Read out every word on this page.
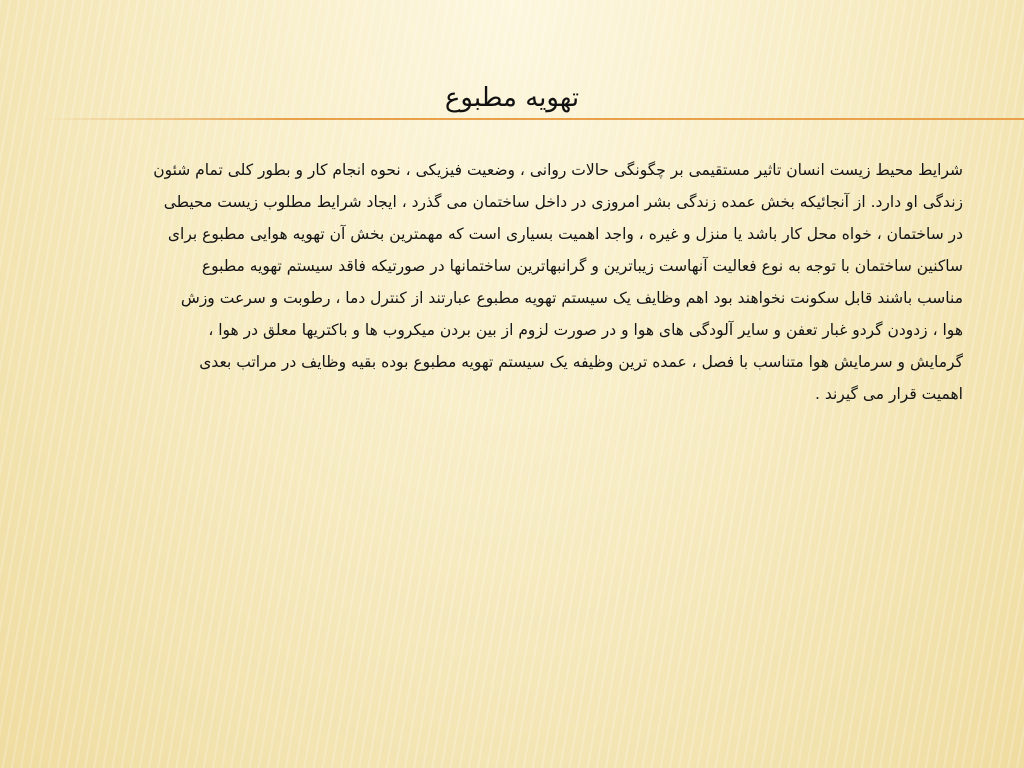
تهویه مطبوع
شرایط محیط زیست انسان تاثیر مستقیمی بر چگونگی حالات روانی ، وضعیت فیزیکی ، نحوه انجام کار و بطور کلی تمام شئون
زندگی او دارد. از آنجائیکه بخش عمده زندگی بشر امروزی در داخل ساختمان می گذرد ، ایجاد شرایط مطلوب زیست محیطی
در ساختمان ، خواه محل کار باشد یا منزل و غیره ، واجد اهمیت بسیاری است که مهمترین بخش آن تهویه هوایی مطبوع برای
ساکنین ساختمان با توجه به نوع فعالیت آنهاست زیباترین و گرانبهاترین ساختمانها در صورتیکه فاقد سیستم تهویه مطبوع
مناسب باشند قابل سکونت نخواهند بود اهم وظایف یک سیستم تهویه مطبوع عبارتند از کنترل دما ، رطوبت و سرعت وزش
هوا ، زدودن گردو غبار تعفن و سایر آلودگی های هوا و در صورت لزوم از بین بردن میکروب ها و باکتریها معلق در هوا ،
گرمایش و سرمایش هوا متناسب با فصل ، عمده ترین وظیفه یک سیستم تهویه مطبوع بوده بقیه وظایف در مراتب بعدی
اهمیت قرار می گیرند .
